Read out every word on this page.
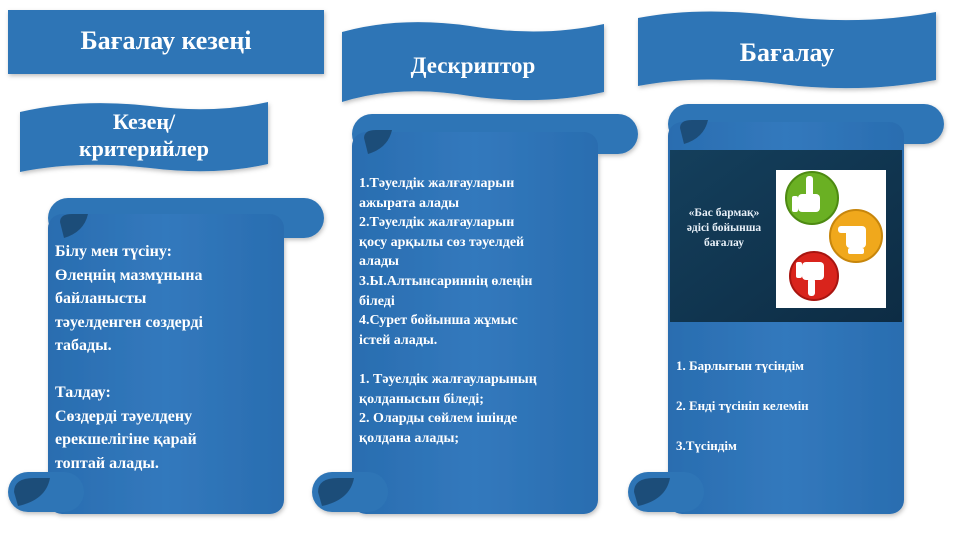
Бағалау кезеңі
Дескриптор	Бағалау
Кезең/
критерийлер
Білу мен түсіну:
Өлеңнің мазмұнына
байланысты
тәуелденген сөздерді
табады.
Талдау:
Сөздерді тәуелдену
ерекшелігіне қарай
топтай алады.
1.Тәуелдік жалғауларын
ажырата алады
2.Тәуелдік жалғауларын
қосу арқылы сөз тәуелдей
алады
3.Ы.Алтынсариннің өлеңін
біледі
4.Сурет бойынша жұмыс
істей алады.
1. Тәуелдік жалғауларының
қолданысын біледі;
2. Оларды сөйлем ішінде
қолдана алады;
«Бас бармақ»
әдісі бойынша
бағалау
1. Барлығын түсіндім
2. Енді түсініп келемін
3.Түсіндім
